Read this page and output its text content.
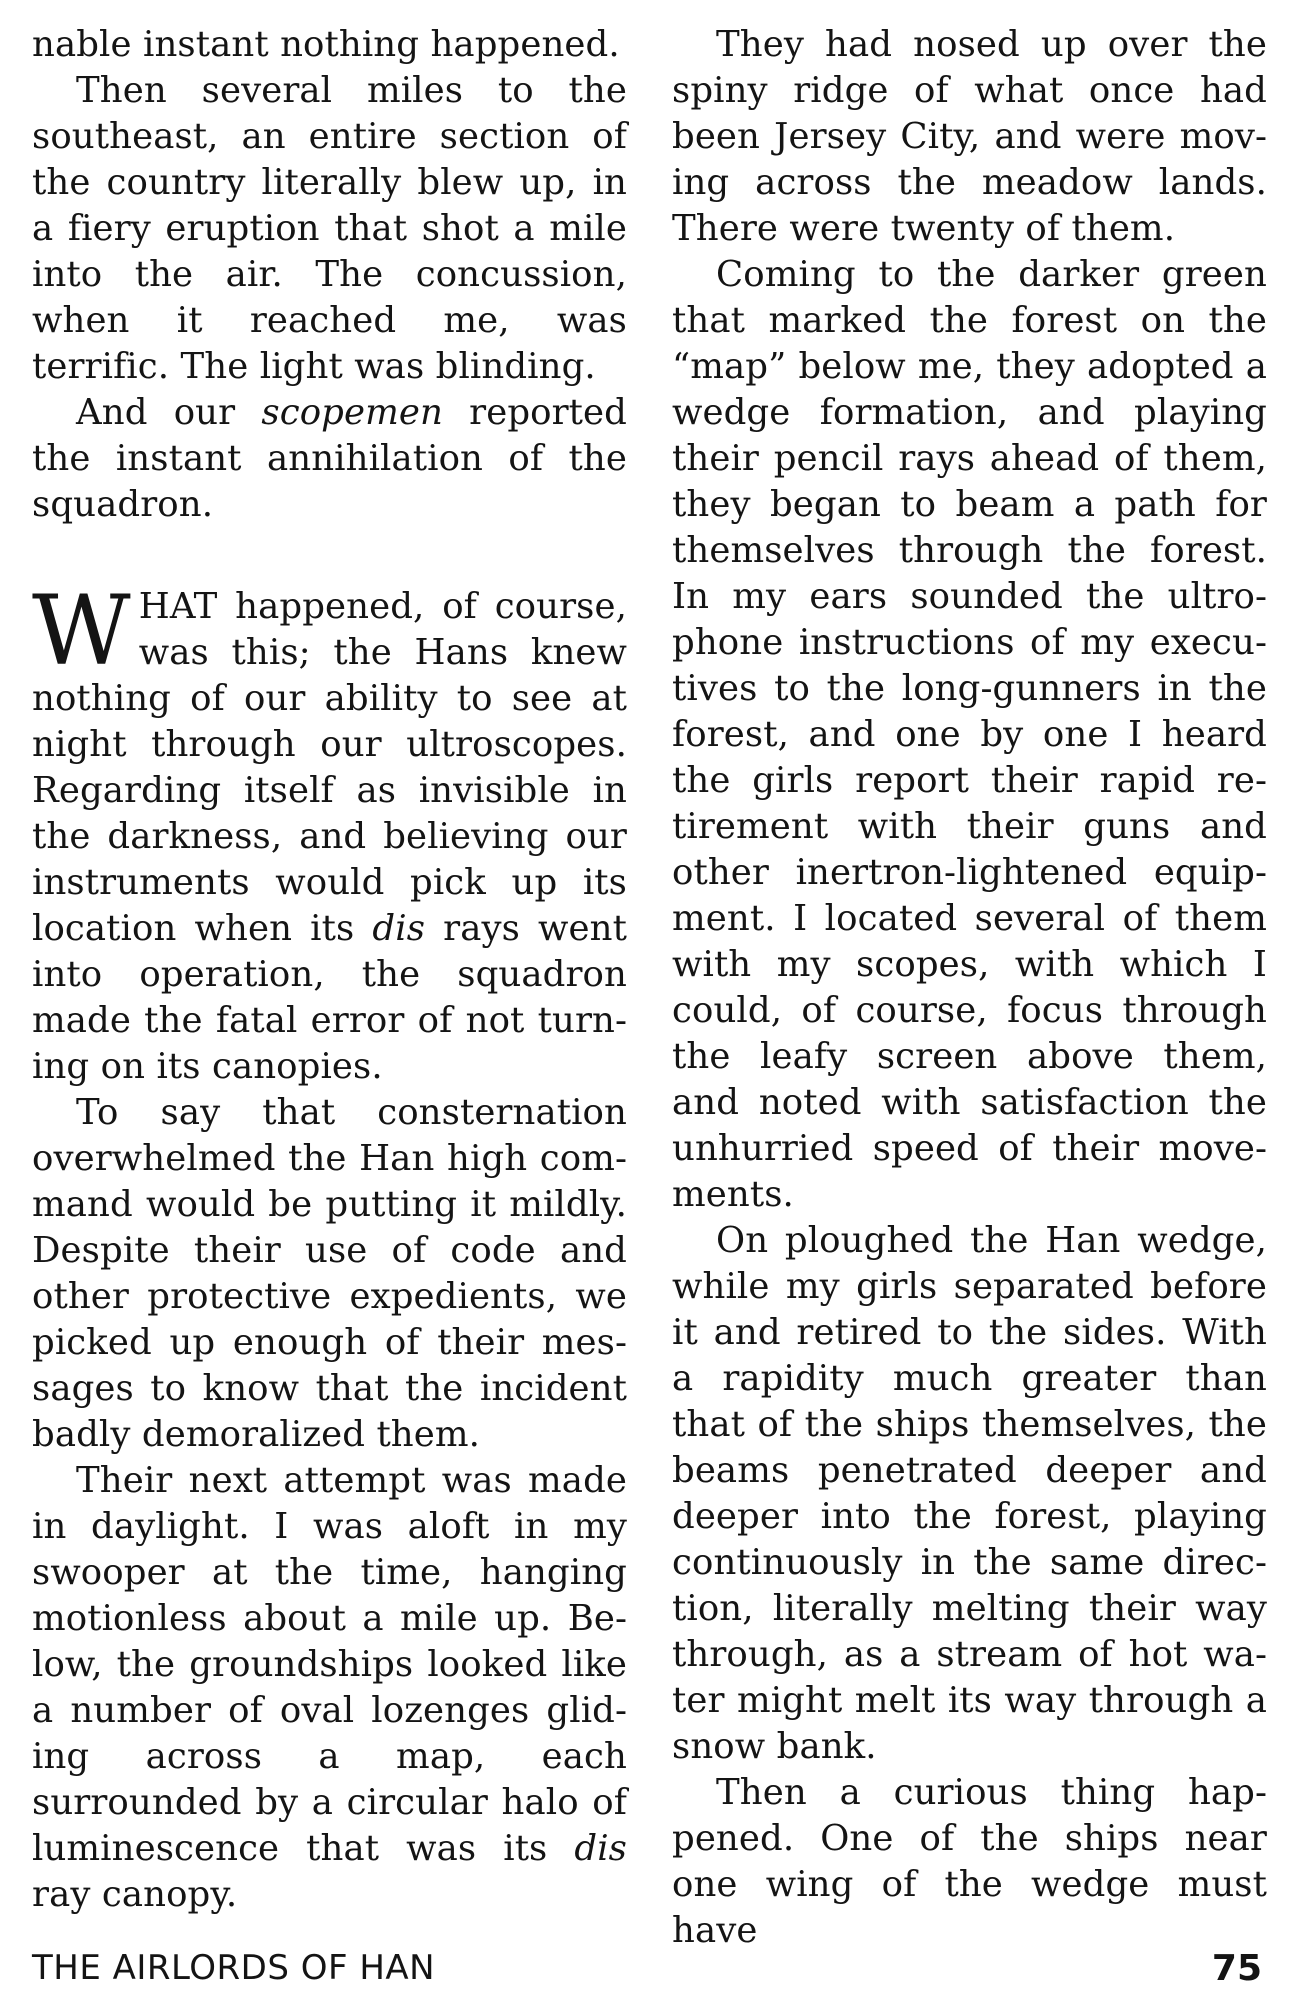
nable instant nothing happened.

Then several miles to the southeast, an entire section of the country literally blew up, in a fiery eruption that shot a mile into the air. The concussion, when it reached me, was terrific. The light was blinding.

And our scopemen reported the instant annihilation of the squadron.

WHAT happened, of course, was this; the Hans knew nothing of our ability to see at night through our ultroscopes. Regarding itself as invisible in the darkness, and believing our instruments would pick up its location when its dis rays went into operation, the squadron made the fatal error of not turning on its canopies.

To say that consternation overwhelmed the Han high command would be putting it mildly. Despite their use of code and other protective expedients, we picked up enough of their messages to know that the incident badly demoralized them.

Their next attempt was made in daylight. I was aloft in my swooper at the time, hanging motionless about a mile up. Below, the groundships looked like a number of oval lozenges gliding across a map, each surrounded by a circular halo of luminescence that was its dis ray canopy.

They had nosed up over the spiny ridge of what once had been Jersey City, and were moving across the meadow lands. There were twenty of them.

Coming to the darker green that marked the forest on the “map” below me, they adopted a wedge formation, and playing their pencil rays ahead of them, they began to beam a path for themselves through the forest. In my ears sounded the ultrophone instructions of my executives to the long-gunners in the forest, and one by one I heard the girls report their rapid retirement with their guns and other inertron-lightened equipment. I located several of them with my scopes, with which I could, of course, focus through the leafy screen above them, and noted with satisfaction the unhurried speed of their movements.

On ploughed the Han wedge, while my girls separated before it and retired to the sides. With a rapidity much greater than that of the ships themselves, the beams penetrated deeper and deeper into the forest, playing continuously in the same direction, literally melting their way through, as a stream of hot water might melt its way through a snow bank.

Then a curious thing happened. One of the ships near one wing of the wedge must have

THE AIRLORDS OF HAN	75
